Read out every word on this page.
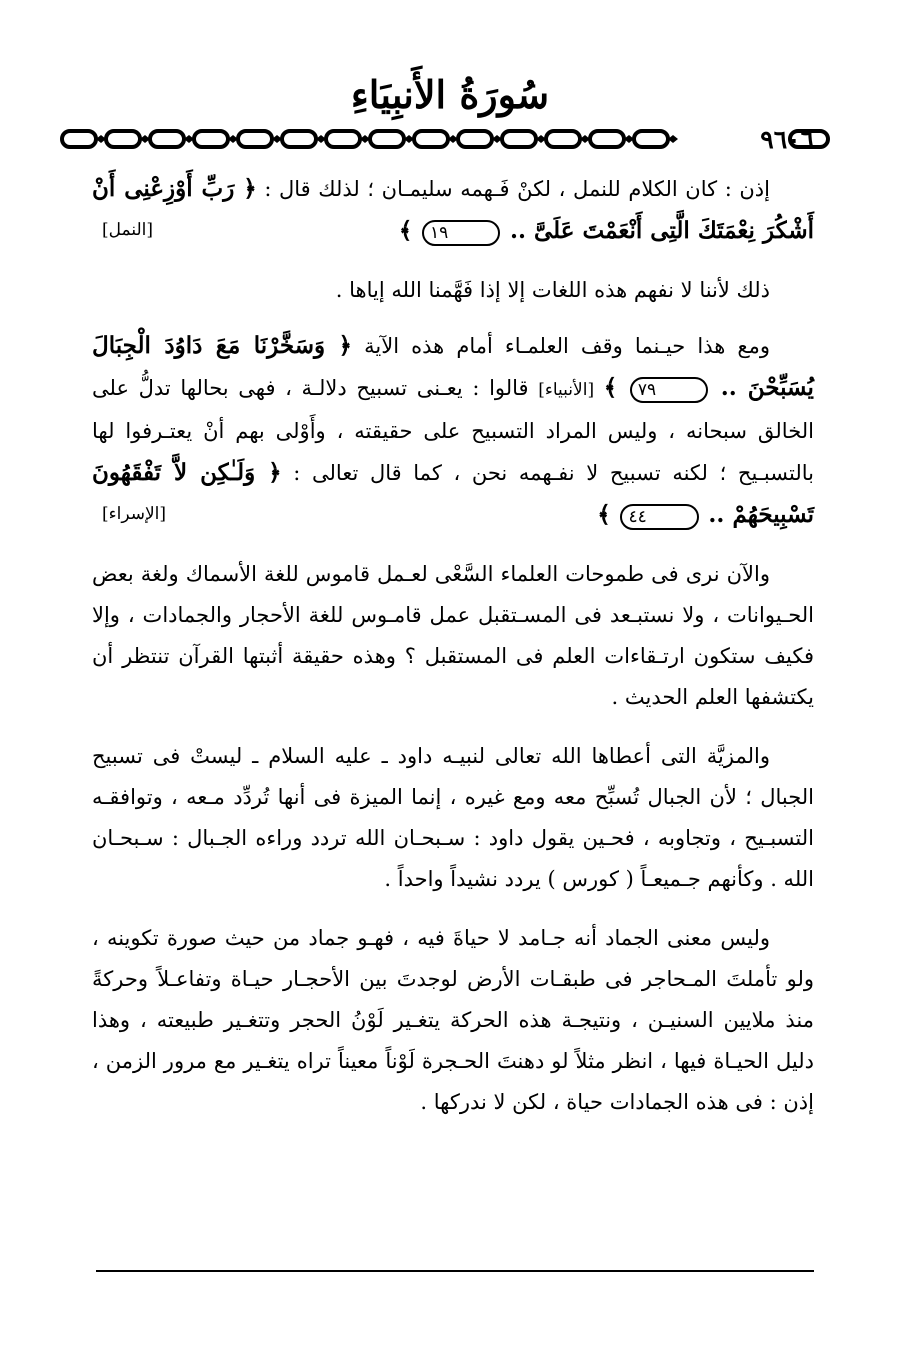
سُورَةُ الأَنبِيَاءِ
٩٦٠٦

إذن : كان الكلام للنمل ، لكنْ فَـهمه سليمـان ؛ لذلك قال : ﴿ رَبِّ أَوْزِعْنِى أَنْ أَشْكُرَ نِعْمَتَكَ الَّتِى أَنْعَمْتَ عَلَىَّ .. ١٩ ﴾
[النمل]

ذلك لأننا لا نفهم هذه اللغات إلا إذا فَهَّمنا الله إياها .

ومع هذا حيـنما وقف العلمـاء أمام هذه الآية ﴿ وَسَخَّرْنَا مَعَ دَاوُدَ الْجِبَالَ يُسَبِّحْنَ .. ٧٩ ﴾ [الأنبياء] قالوا : يعـنى تسبيح دلالـة ، فهى بحالها تدلُّ على الخالق سبحانه ، وليس المراد التسبيح على حقيقته ، وأَوْلى بهم أنْ يعتـرفوا لها بالتسبـيح ؛ لكنه تسبيح لا نفـهمه نحن ، كما قال تعالى : ﴿ وَلَـٰكِن لاَّ تَفْقَهُونَ تَسْبِيحَهُمْ .. ٤٤ ﴾
[الإسراء]

والآن نرى فى طموحات العلماء السَّعْى لعـمل قاموس للغة الأسماك ولغة بعض الحـيوانات ، ولا نستبـعد فى المسـتقبل عمل قامـوس للغة الأحجار والجمادات ، وإلا فكيف ستكون ارتـقاءات العلم فى المستقبل ؟ وهذه حقيقة أثبتها القرآن تنتظر أن يكتشفها العلم الحديث .

والمزيَّة التى أعطاها الله تعالى لنبيـه داود ـ عليه السلام ـ ليستْ فى تسبيح الجبال ؛ لأن الجبال تُسبِّح معه ومع غيره ، إنما الميزة فى أنها تُردِّد مـعه ، وتوافقـه التسبـيح ، وتجاوبه ، فحـين يقول داود : سـبحـان الله تردد وراءه الجـبال : سـبحـان الله . وكأنهم جـميعـاً ( كورس ) يردد نشيداً واحداً .

وليس معنى الجماد أنه جـامد لا حياةَ فيه ، فهـو جماد من حيث صورة تكوينه ، ولو تأملتَ المـحاجر فى طبقـات الأرض لوجدتَ بين الأحجـار حيـاة وتفاعـلاً وحركةً منذ ملايين السنيـن ، ونتيجـة هذه الحركة يتغـير لَوْنُ الحجر وتتغـير طبيعته ، وهذا دليل الحيـاة فيها ، انظر مثلاً لو دهنتَ الحـجرة لَوْناً معيناً تراه يتغـير مع مرور الزمن ، إذن : فى هذه الجمادات حياة ، لكن لا ندركها .
